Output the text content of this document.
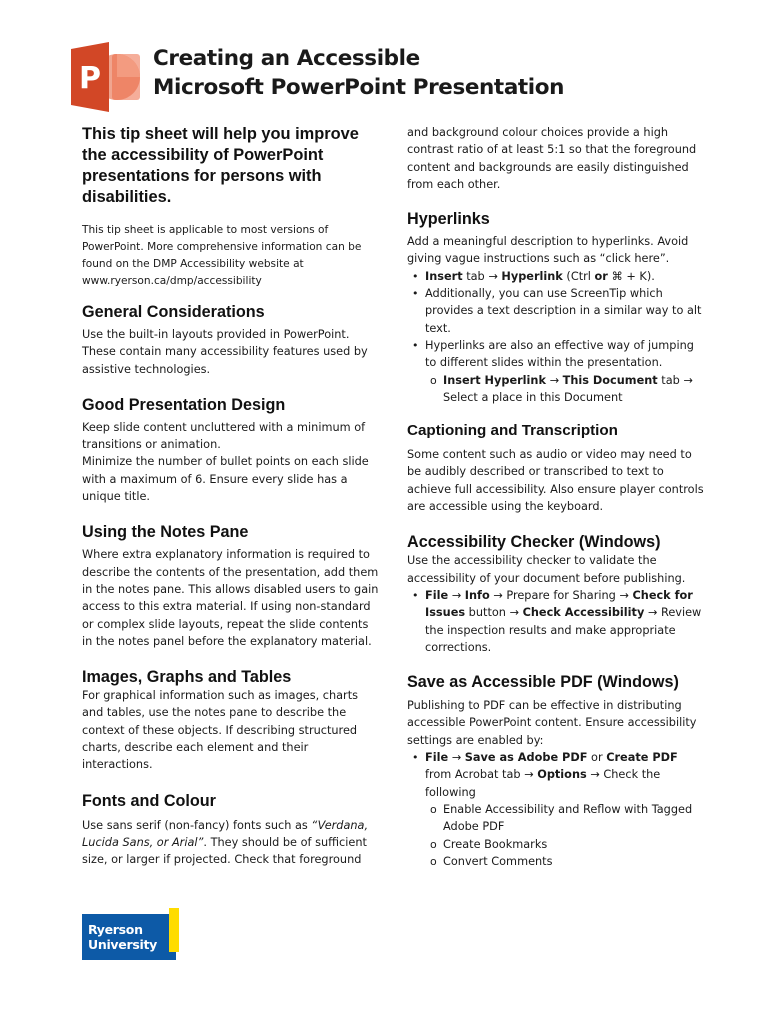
P
Creating an Accessible
Microsoft PowerPoint Presentation

This tip sheet will help you improve the accessibility of PowerPoint presentations for persons with disabilities.

This tip sheet is applicable to most versions of PowerPoint. More comprehensive information can be found on the DMP Accessibility website at www.ryerson.ca/dmp/accessibility

General Considerations

Use the built-in layouts provided in PowerPoint. These contain many accessibility features used by assistive technologies.

Good Presentation Design

Keep slide content uncluttered with a minimum of transitions or animation.

Minimize the number of bullet points on each slide with a maximum of 6. Ensure every slide has a unique title.

Using the Notes Pane

Where extra explanatory information is required to describe the contents of the presentation, add them in the notes pane. This allows disabled users to gain access to this extra material. If using non-standard or complex slide layouts, repeat the slide contents in the notes panel before the explanatory material.

Images, Graphs and Tables

For graphical information such as images, charts and tables, use the notes pane to describe the context of these objects. If describing structured charts, describe each element and their interactions.

Fonts and Colour

Use sans serif (non-fancy) fonts such as “Verdana, Lucida Sans, or Arial”. They should be of sufficient size, or larger if projected. Check that foreground

and background colour choices provide a high contrast ratio of at least 5:1 so that the foreground content and backgrounds are easily distinguished from each other.

Hyperlinks

Add a meaningful description to hyperlinks. Avoid giving vague instructions such as “click here”.

• Insert tab → Hyperlink (Ctrl or ⌘ + K).
• Additionally, you can use ScreenTip which provides a text description in a similar way to alt text.
• Hyperlinks are also an effective way of jumping to different slides within the presentation.
o Insert Hyperlink → This Document tab → Select a place in this Document
Captioning and Transcription

Some content such as audio or video may need to be audibly described or transcribed to text to achieve full accessibility. Also ensure player controls are accessible using the keyboard.

Accessibility Checker (Windows)

Use the accessibility checker to validate the accessibility of your document before publishing.

• File → Info → Prepare for Sharing → Check for Issues button → Check Accessibility → Review the inspection results and make appropriate corrections.
Save as Accessible PDF (Windows)

Publishing to PDF can be effective in distributing accessible PowerPoint content. Ensure accessibility settings are enabled by:

• File → Save as Adobe PDF or Create PDF from Acrobat tab → Options → Check the following
o Enable Accessibility and Reflow with Tagged Adobe PDF
o Create Bookmarks
o Convert Comments
Ryerson
University
